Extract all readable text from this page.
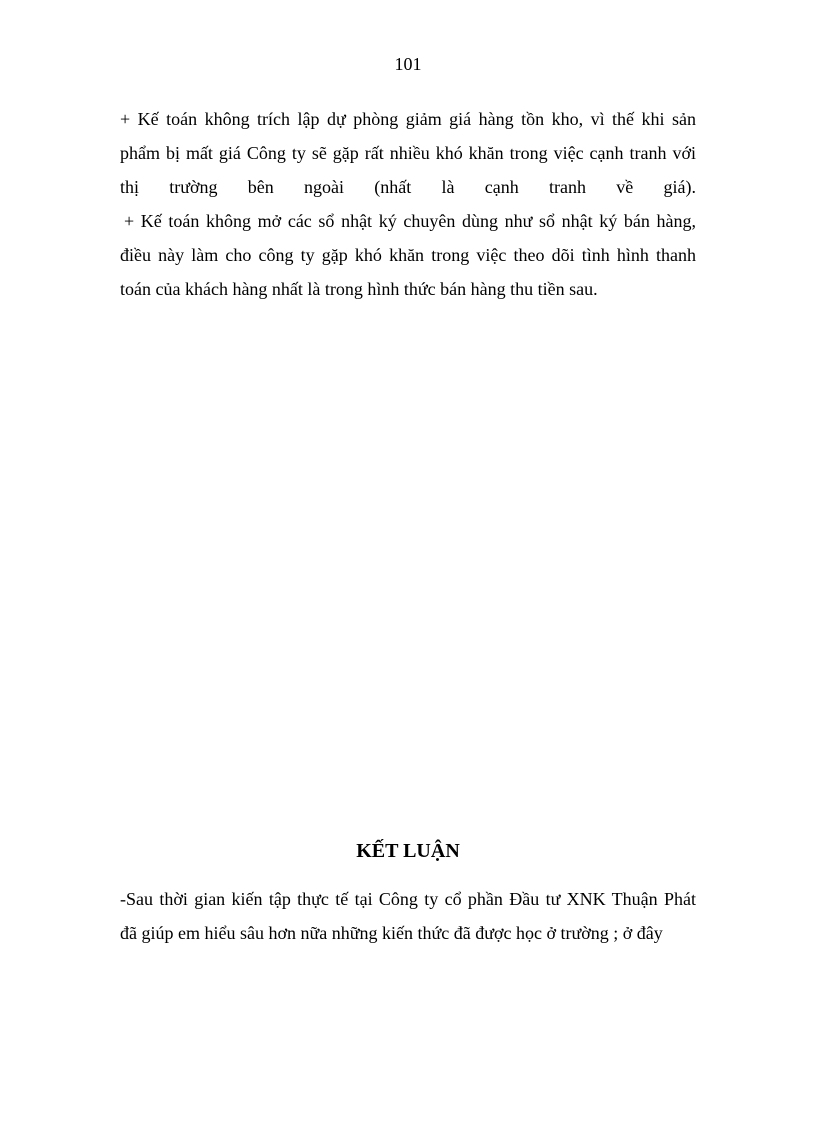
101
+ Kế toán không trích lập dự phòng giảm giá hàng tồn kho, vì thế khi sản
phẩm bị mất giá Công ty sẽ gặp rất nhiều khó khăn trong việc cạnh tranh với
thị trường bên ngoài (nhất là cạnh tranh về giá).
+ Kế toán không mở các sổ nhật ký chuyên dùng như sổ nhật ký bán hàng,
điều này làm cho công ty gặp khó khăn trong việc theo dõi tình hình thanh
toán của khách hàng nhất là trong hình thức bán hàng thu tiền sau.
KẾT LUẬN
-Sau thời gian kiến tập thực tế tại Công ty cổ phần Đầu tư XNK Thuận Phát
đã giúp em hiểu sâu hơn nữa những kiến thức đã được học ở trường ; ở đây
